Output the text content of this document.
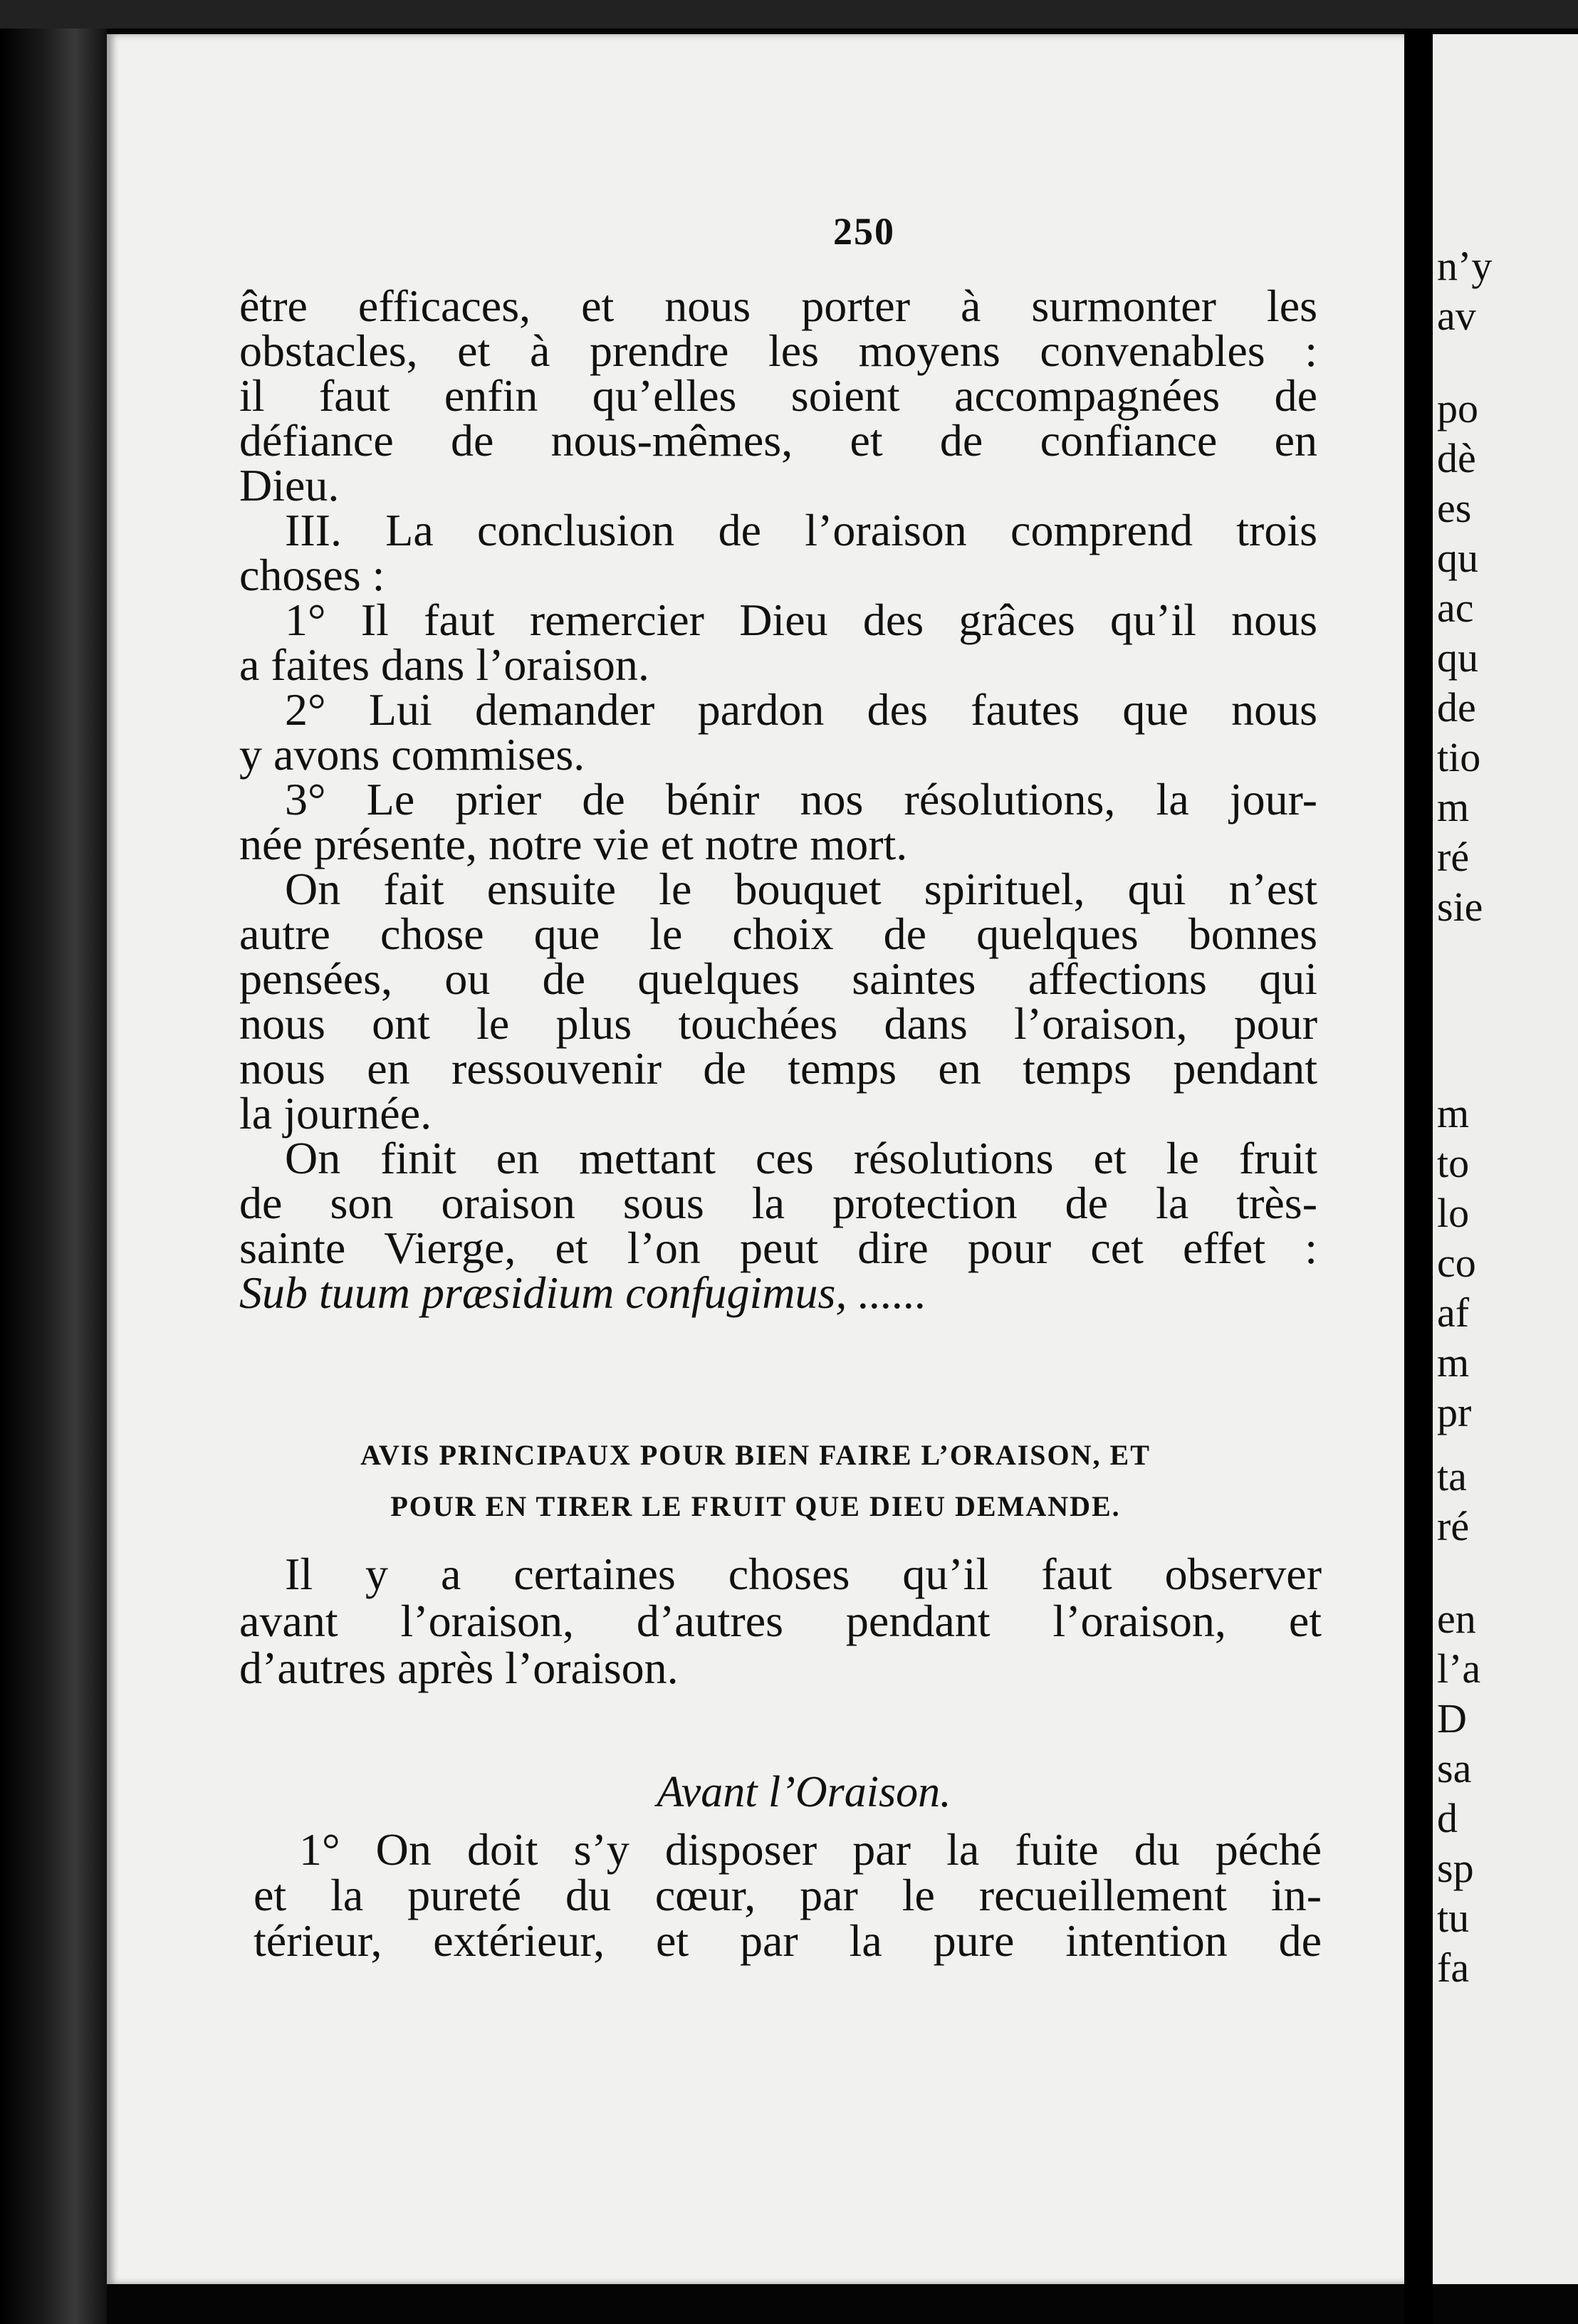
250

être efficaces, et nous porter à surmonter les
obstacles, et à prendre les moyens convenables :
il faut enfin qu’elles soient accompagnées de
défiance de nous-mêmes, et de confiance en
Dieu.
III. La conclusion de l’oraison comprend trois
choses :
1° Il faut remercier Dieu des grâces qu’il nous
a faites dans l’oraison.
2° Lui demander pardon des fautes que nous
y avons commises.
3° Le prier de bénir nos résolutions, la jour-
née présente, notre vie et notre mort.
On fait ensuite le bouquet spirituel, qui n’est
autre chose que le choix de quelques bonnes
pensées, ou de quelques saintes affections qui
nous ont le plus touchées dans l’oraison, pour
nous en ressouvenir de temps en temps pendant
la journée.
On finit en mettant ces résolutions et le fruit
de son oraison sous la protection de la très-
sainte Vierge, et l’on peut dire pour cet effet :
Sub tuum præsidium confugimus, ......

AVIS PRINCIPAUX POUR BIEN FAIRE L’ORAISON, ET

POUR EN TIRER LE FRUIT QUE DIEU DEMANDE.

Il y a certaines choses qu’il faut observer
avant l’oraison, d’autres pendant l’oraison, et
d’autres après l’oraison.

Avant l’Oraison.

1° On doit s’y disposer par la fuite du péché
et la pureté du cœur, par le recueillement in-
térieur, extérieur, et par la pure intention de

n’y

av

po

dè

es

qu

ac

qu

de

tio

m

ré

sie

m

to

lo

co

af

m

pr

ta

ré

en

l’a

D

sa

d

sp

tu

fa
